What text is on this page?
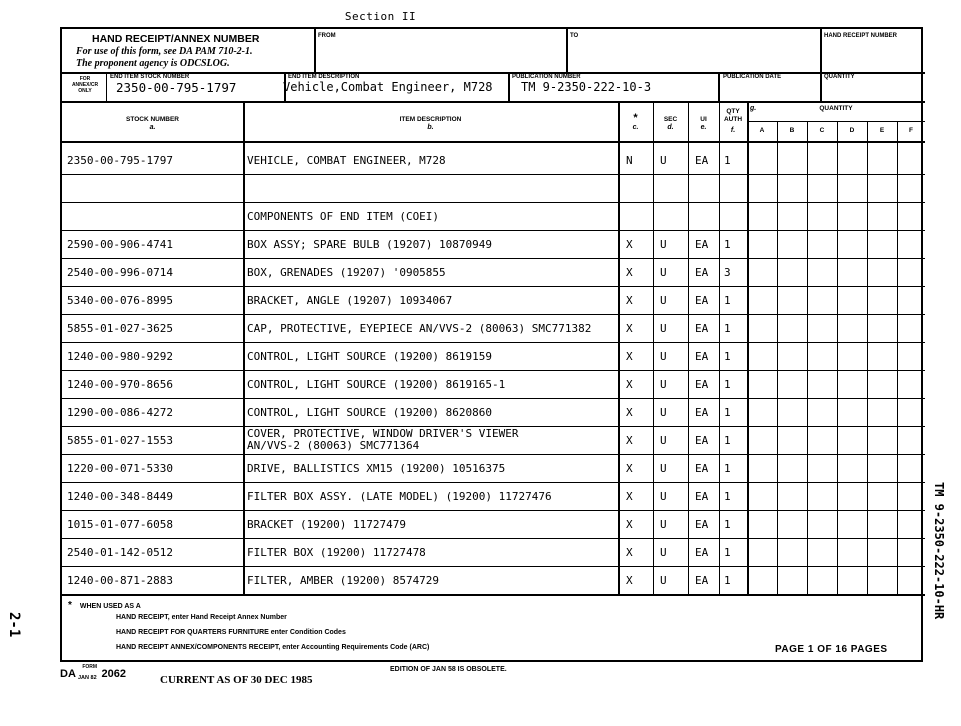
Section II
HAND RECEIPT/ANNEX NUMBER
For use of this form, see DA PAM 710-2-1.
The proponent agency is ODCSLOG.
FROM	TO	HAND RECEIPT NUMBER
FOR
ANNEX/CR
ONLY
END ITEM STOCK NUMBER
2350-00-795-1797
END ITEM DESCRIPTION
Vehicle,Combat Engineer, M728
PUBLICATION NUMBER
TM 9-2350-222-10-3
PUBLICATION DATE	QUANTITY
STOCK NUMBER
a.
ITEM DESCRIPTION
b.
*
c.
SEC
d.
UI
e.
QTY
AUTH
f.
g.	QUANTITY
A	B	C	D	E	F
2350-00-795-1797	VEHICLE, COMBAT ENGINEER, M728	N	U	EA	1
COMPONENTS OF END ITEM (COEI)
2590-00-906-4741	BOX ASSY; SPARE BULB (19207) 10870949	X	U	EA	1
2540-00-996-0714	BOX, GRENADES (19207) '0905855	X	U	EA	3
5340-00-076-8995	BRACKET, ANGLE (19207) 10934067	X	U	EA	1
5855-01-027-3625	CAP, PROTECTIVE, EYEPIECE AN/VVS-2 (80063) SMC771382	X	U	EA	1
1240-00-980-9292	CONTROL, LIGHT SOURCE (19200) 8619159	X	U	EA	1
1240-00-970-8656	CONTROL, LIGHT SOURCE (19200) 8619165-1	X	U	EA	1
1290-00-086-4272	CONTROL, LIGHT SOURCE (19200) 8620860	X	U	EA	1
5855-01-027-1553	COVER, PROTECTIVE, WINDOW DRIVER'S VIEWER
AN/VVS-2 (80063) SMC771364	X	U	EA	1
1220-00-071-5330	DRIVE, BALLISTICS XM15 (19200) 10516375	X	U	EA	1
1240-00-348-8449	FILTER BOX ASSY. (LATE MODEL) (19200) 11727476	X	U	EA	1
1015-01-077-6058	BRACKET (19200) 11727479	X	U	EA	1
2540-01-142-0512	FILTER BOX (19200) 11727478	X	U	EA	1
1240-00-871-2883	FILTER, AMBER (19200) 8574729	X	U	EA	1
* WHEN USED AS A
HAND RECEIPT, enter Hand Receipt Annex Number
HAND RECEIPT FOR QUARTERS FURNITURE enter Condition Codes
HAND RECEIPT ANNEX/COMPONENTS RECEIPT, enter Accounting Requirements Code (ARC)	PAGE 1 OF 16 PAGES
DA $^{FORM}$ 2062
JAN 82
EDITION OF JAN 58 IS OBSOLETE.
CURRENT AS OF 30 DEC 1985
TM 9-2350-222-10-HR
2-1
